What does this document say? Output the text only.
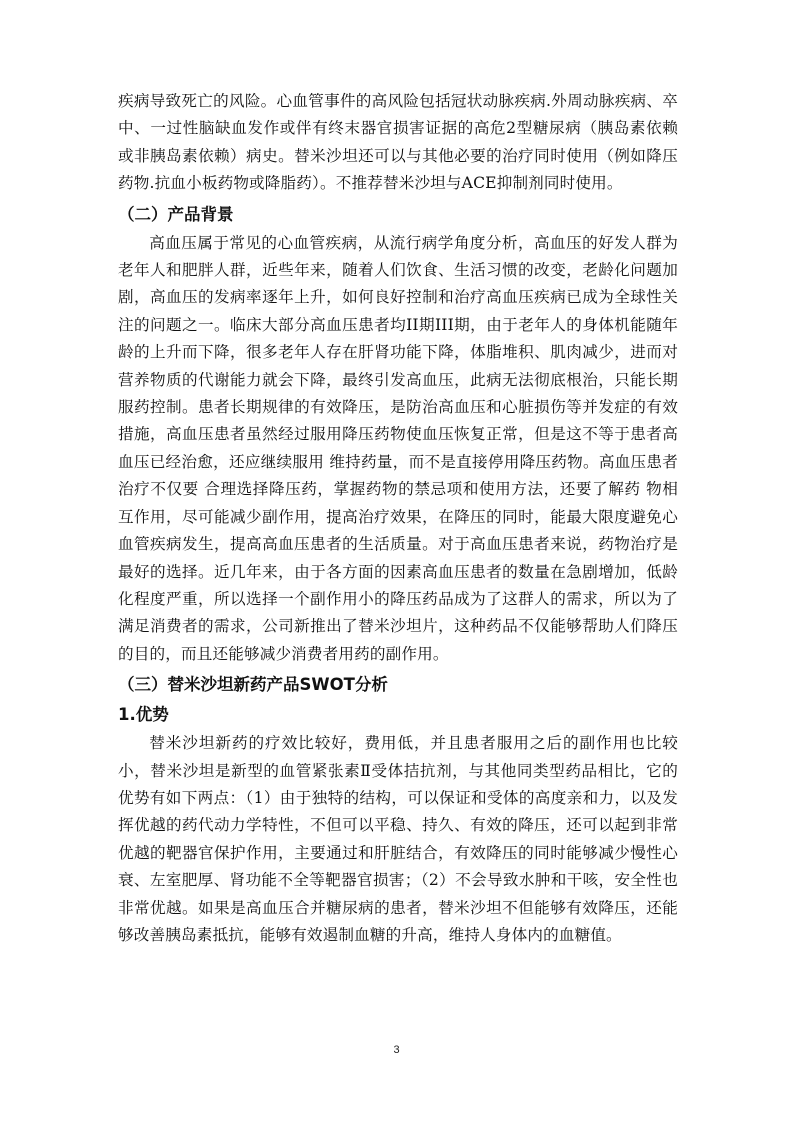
疾病导致死亡的风险。心血管事件的高风险包括冠状动脉疾病.外周动脉疾病、卒中、一过性脑缺血发作或伴有终末器官损害证据的高危2型糖尿病（胰岛素依赖或非胰岛素依赖）病史。替米沙坦还可以与其他必要的治疗同时使用（例如降压药物.抗血小板药物或降脂药）。不推荐替米沙坦与ACE抑制剂同时使用。

（二）产品背景

高血压属于常见的心血管疾病，从流行病学角度分析，高血压的好发人群为老年人和肥胖人群，近些年来，随着人们饮食、生活习惯的改变，老龄化问题加剧，高血压的发病率逐年上升，如何良好控制和治疗高血压疾病已成为全球性关注的问题之一。临床大部分高血压患者均II期III期，由于老年人的身体机能随年龄的上升而下降，很多老年人存在肝肾功能下降，体脂堆积、肌肉减少，进而对营养物质的代谢能力就会下降，最终引发高血压，此病无法彻底根治，只能长期服药控制。患者长期规律的有效降压，是防治高血压和心脏损伤等并发症的有效措施，高血压患者虽然经过服用降压药物使血压恢复正常，但是这不等于患者高血压已经治愈，还应继续服用 维持药量，而不是直接停用降压药物。高血压患者治疗不仅要 合理选择降压药，掌握药物的禁忌项和使用方法，还要了解药 物相互作用，尽可能减少副作用，提高治疗效果，在降压的同时，能最大限度避免心血管疾病发生，提高高血压患者的生活质量。对于高血压患者来说，药物治疗是最好的选择。近几年来，由于各方面的因素高血压患者的数量在急剧增加，低龄化程度严重，所以选择一个副作用小的降压药品成为了这群人的需求，所以为了满足消费者的需求，公司新推出了替米沙坦片，这种药品不仅能够帮助人们降压的目的，而且还能够减少消费者用药的副作用。

（三）替米沙坦新药产品SWOT分析
1.优势

替米沙坦新药的疗效比较好，费用低，并且患者服用之后的副作用也比较小，替米沙坦是新型的血管紧张素Ⅱ受体拮抗剂，与其他同类型药品相比，它的优势有如下两点：（1）由于独特的结构，可以保证和受体的高度亲和力，以及发挥优越的药代动力学特性，不但可以平稳、持久、有效的降压，还可以起到非常优越的靶器官保护作用，主要通过和肝脏结合，有效降压的同时能够减少慢性心衰、左室肥厚、肾功能不全等靶器官损害；（2）不会导致水肿和干咳，安全性也非常优越。如果是高血压合并糖尿病的患者，替米沙坦不但能够有效降压，还能够改善胰岛素抵抗，能够有效遏制血糖的升高，维持人身体内的血糖值。

3
